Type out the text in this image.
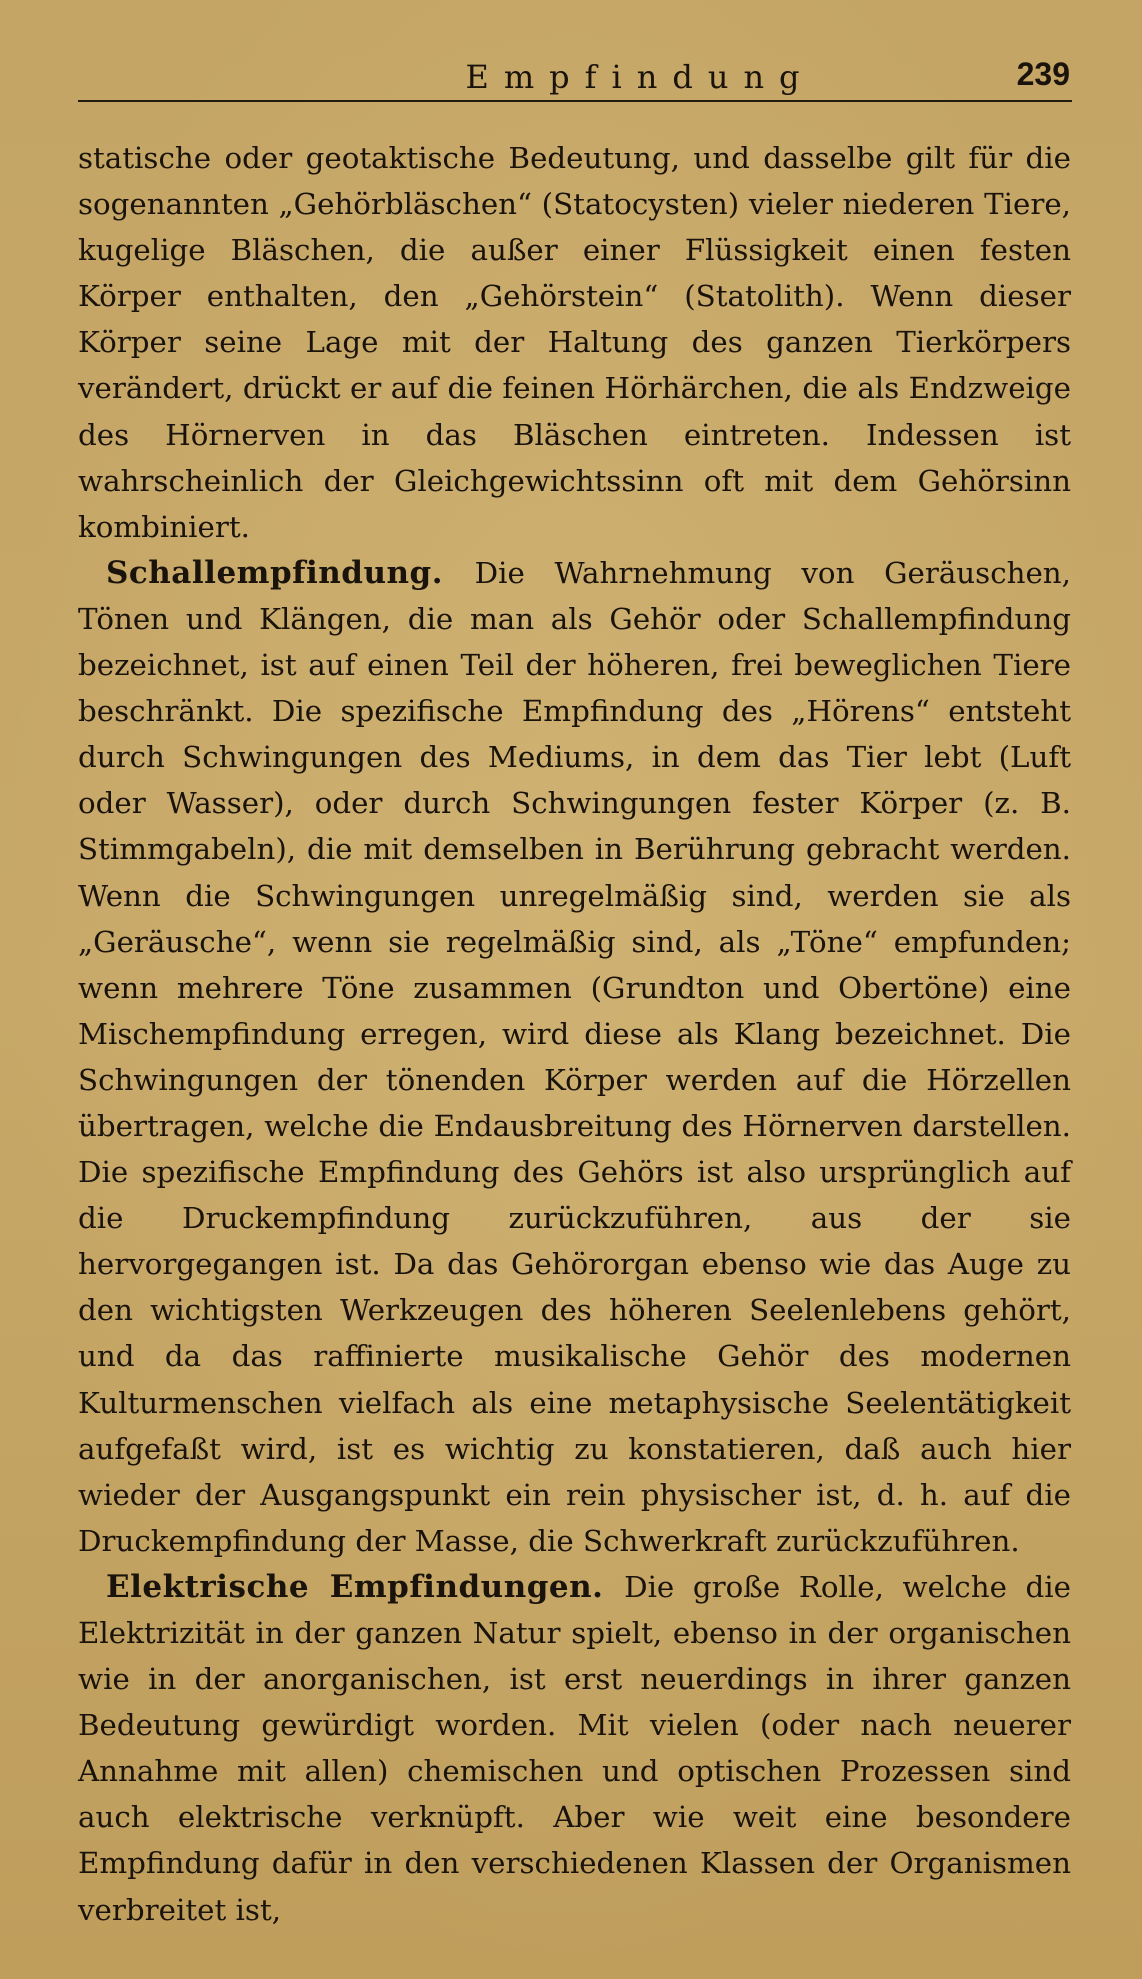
Empfindung	239

statische oder geotaktische Bedeutung, und dasselbe gilt für die sogenannten „Gehörbläschen“ (Statocysten) vieler niederen Tiere, kugelige Bläschen, die außer einer Flüssigkeit einen festen Körper enthalten, den „Gehörstein“ (Statolith). Wenn dieser Körper seine Lage mit der Haltung des ganzen Tierkörpers verändert, drückt er auf die feinen Hörhärchen, die als Endzweige des Hörnerven in das Bläschen eintreten. Indessen ist wahrscheinlich der Gleichgewichtssinn oft mit dem Gehörsinn kombiniert.

Schallempfindung. Die Wahrnehmung von Geräuschen, Tönen und Klängen, die man als Gehör oder Schallempfindung bezeichnet, ist auf einen Teil der höheren, frei beweglichen Tiere beschränkt. Die spezifische Empfindung des „Hörens“ entsteht durch Schwingungen des Mediums, in dem das Tier lebt (Luft oder Wasser), oder durch Schwingungen fester Körper (z. B. Stimmgabeln), die mit demselben in Berührung gebracht werden. Wenn die Schwingungen unregelmäßig sind, werden sie als „Geräusche“, wenn sie regelmäßig sind, als „Töne“ empfunden; wenn mehrere Töne zusammen (Grundton und Obertöne) eine Mischempfindung erregen, wird diese als Klang bezeichnet. Die Schwingungen der tönenden Körper werden auf die Hörzellen übertragen, welche die Endausbreitung des Hörnerven darstellen. Die spezifische Empfindung des Gehörs ist also ursprünglich auf die Druckempfindung zurückzuführen, aus der sie hervorgegangen ist. Da das Gehörorgan ebenso wie das Auge zu den wichtigsten Werkzeugen des höheren Seelenlebens gehört, und da das raffinierte musikalische Gehör des modernen Kulturmenschen vielfach als eine metaphysische Seelentätigkeit aufgefaßt wird, ist es wichtig zu konstatieren, daß auch hier wieder der Ausgangspunkt ein rein physischer ist, d. h. auf die Druckempfindung der Masse, die Schwerkraft zurückzuführen.

Elektrische Empfindungen. Die große Rolle, welche die Elektrizität in der ganzen Natur spielt, ebenso in der organischen wie in der anorganischen, ist erst neuerdings in ihrer ganzen Bedeutung gewürdigt worden. Mit vielen (oder nach neuerer Annahme mit allen) chemischen und optischen Prozessen sind auch elektrische verknüpft. Aber wie weit eine besondere Empfindung dafür in den verschiedenen Klassen der Organismen verbreitet ist,
